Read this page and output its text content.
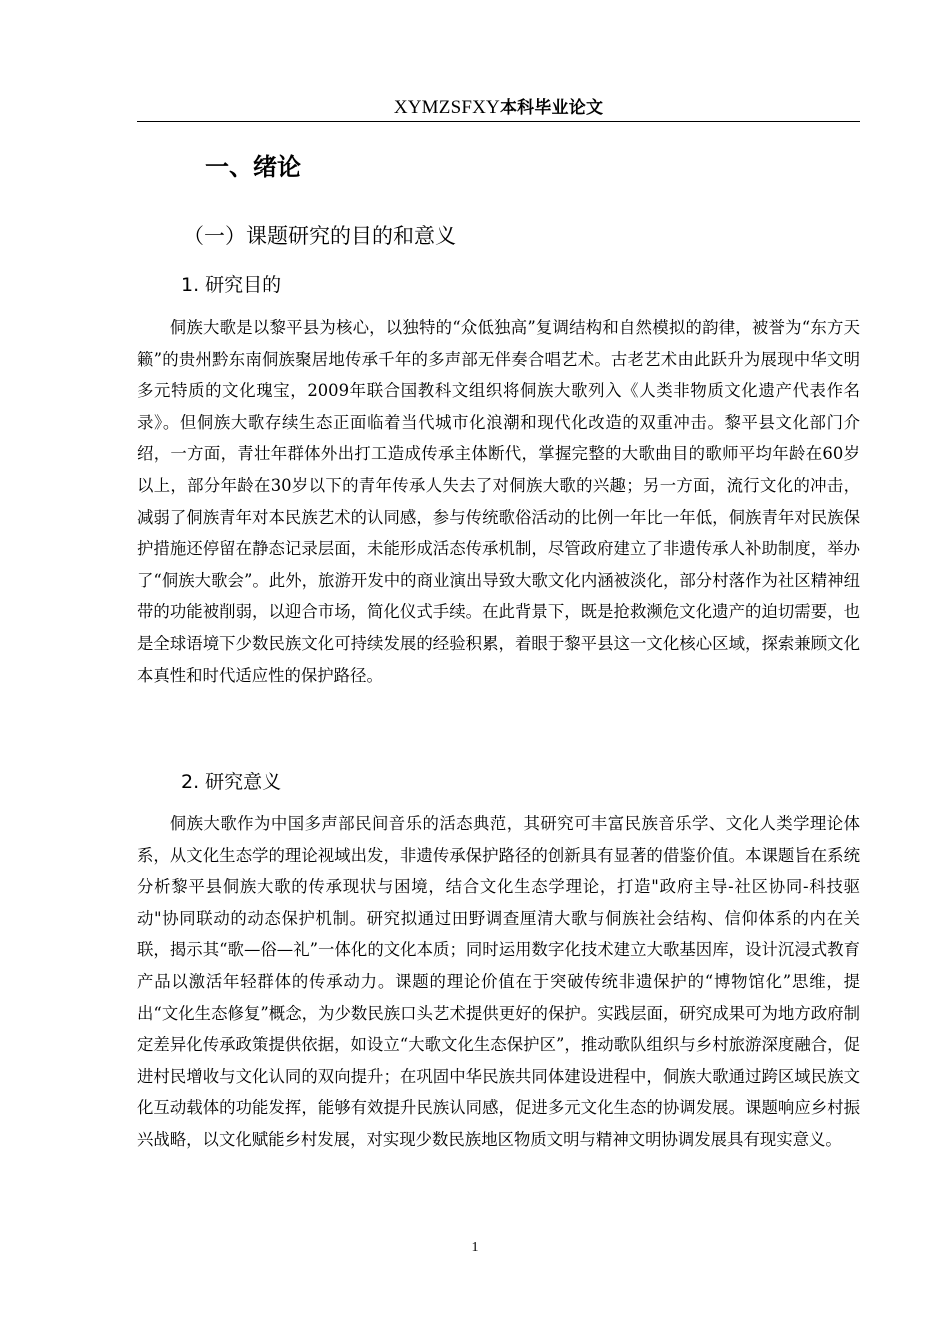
XYMZSFXY本科毕业论文
一、绪论
（一）课题研究的目的和意义
1. 研究目的

侗族大歌是以黎平县为核心，以独特的“众低独高”复调结构和自然模拟的韵律，被誉为“东方天籁”的贵州黔东南侗族聚居地传承千年的多声部无伴奏合唱艺术。古老艺术由此跃升为展现中华文明多元特质的文化瑰宝，2009年联合国教科文组织将侗族大歌列入《人类非物质文化遗产代表作名录》。但侗族大歌存续生态正面临着当代城市化浪潮和现代化改造的双重冲击。黎平县文化部门介绍，一方面，青壮年群体外出打工造成传承主体断代，掌握完整的大歌曲目的歌师平均年龄在60岁以上，部分年龄在30岁以下的青年传承人失去了对侗族大歌的兴趣；另一方面，流行文化的冲击，减弱了侗族青年对本民族艺术的认同感，参与传统歌俗活动的比例一年比一年低，侗族青年对民族保护措施还停留在静态记录层面，未能形成活态传承机制，尽管政府建立了非遗传承人补助制度，举办了“侗族大歌会”。此外，旅游开发中的商业演出导致大歌文化内涵被淡化，部分村落作为社区精神纽带的功能被削弱，以迎合市场，简化仪式手续。在此背景下，既是抢救濒危文化遗产的迫切需要，也是全球语境下少数民族文化可持续发展的经验积累，着眼于黎平县这一文化核心区域，探索兼顾文化本真性和时代适应性的保护路径。

2. 研究意义

侗族大歌作为中国多声部民间音乐的活态典范，其研究可丰富民族音乐学、文化人类学理论体系，从文化生态学的理论视域出发，非遗传承保护路径的创新具有显著的借鉴价值。本课题旨在系统分析黎平县侗族大歌的传承现状与困境，结合文化生态学理论，打造"政府主导-社区协同-科技驱动"协同联动的动态保护机制。研究拟通过田野调查厘清大歌与侗族社会结构、信仰体系的内在关联，揭示其“歌—俗—礼”一体化的文化本质；同时运用数字化技术建立大歌基因库，设计沉浸式教育产品以激活年轻群体的传承动力。课题的理论价值在于突破传统非遗保护的“博物馆化”思维，提出“文化生态修复”概念，为少数民族口头艺术提供更好的保护。实践层面，研究成果可为地方政府制定差异化传承政策提供依据，如设立“大歌文化生态保护区”，推动歌队组织与乡村旅游深度融合，促进村民增收与文化认同的双向提升；在巩固中华民族共同体建设进程中，侗族大歌通过跨区域民族文化互动载体的功能发挥，能够有效提升民族认同感，促进多元文化生态的协调发展。课题响应乡村振兴战略，以文化赋能乡村发展，对实现少数民族地区物质文明与精神文明协调发展具有现实意义。

1
